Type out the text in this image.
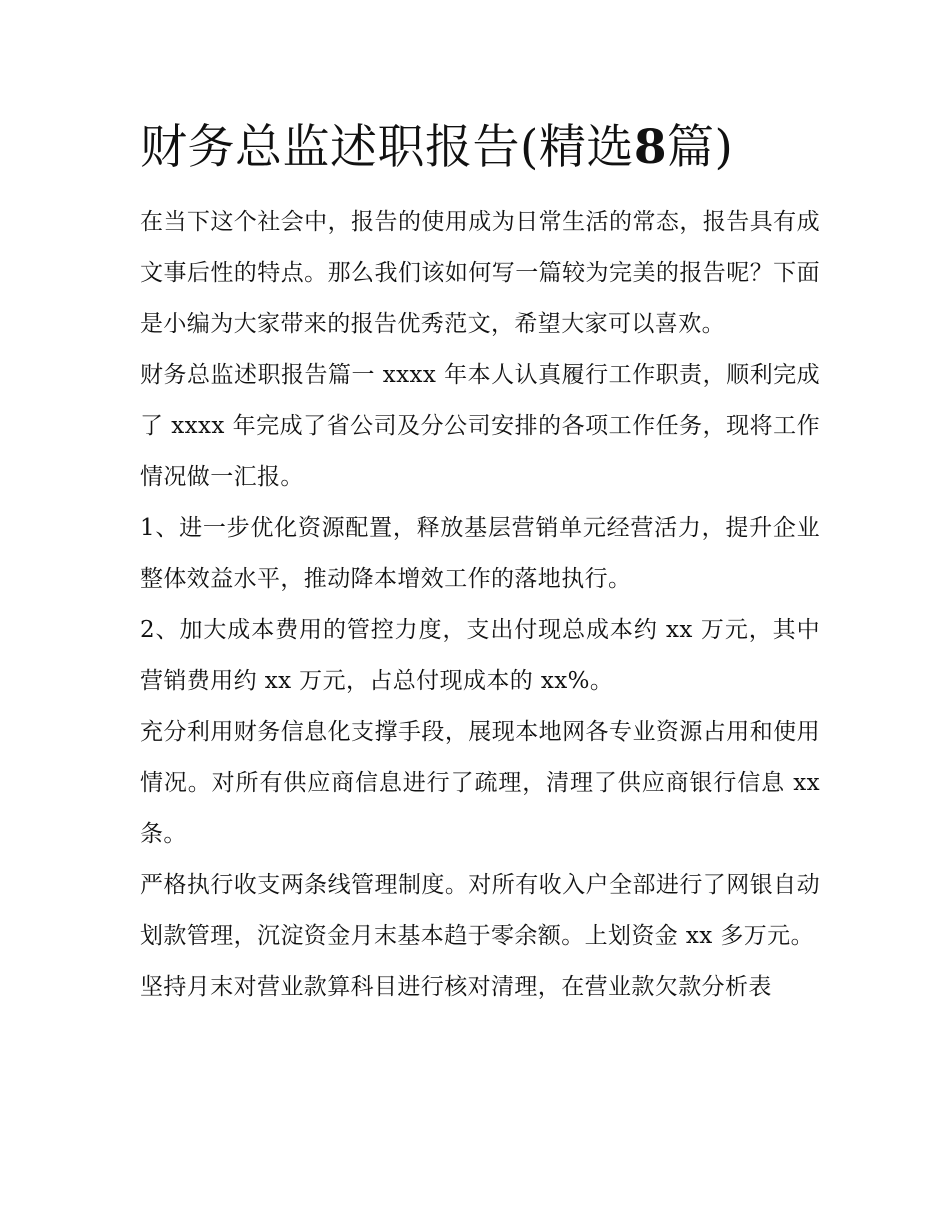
财务总监述职报告(精选8篇)

在当下这个社会中，报告的使用成为日常生活的常态，报告具有成文事后性的特点。那么我们该如何写一篇较为完美的报告呢？下面是小编为大家带来的报告优秀范文，希望大家可以喜欢。

财务总监述职报告篇一 xxxx 年本人认真履行工作职责，顺利完成了 xxxx 年完成了省公司及分公司安排的各项工作任务，现将工作情况做一汇报。

1、进一步优化资源配置，释放基层营销单元经营活力，提升企业整体效益水平，推动降本增效工作的落地执行。

2、加大成本费用的管控力度，支出付现总成本约 xx 万元，其中营销费用约 xx 万元，占总付现成本的 xx%。

充分利用财务信息化支撑手段，展现本地网各专业资源占用和使用情况。对所有供应商信息进行了疏理，清理了供应商银行信息 xx 条。

严格执行收支两条线管理制度。对所有收入户全部进行了网银自动划款管理，沉淀资金月末基本趋于零余额。上划资金 xx 多万元。

坚持月末对营业款算科目进行核对清理，在营业款欠款分析表
